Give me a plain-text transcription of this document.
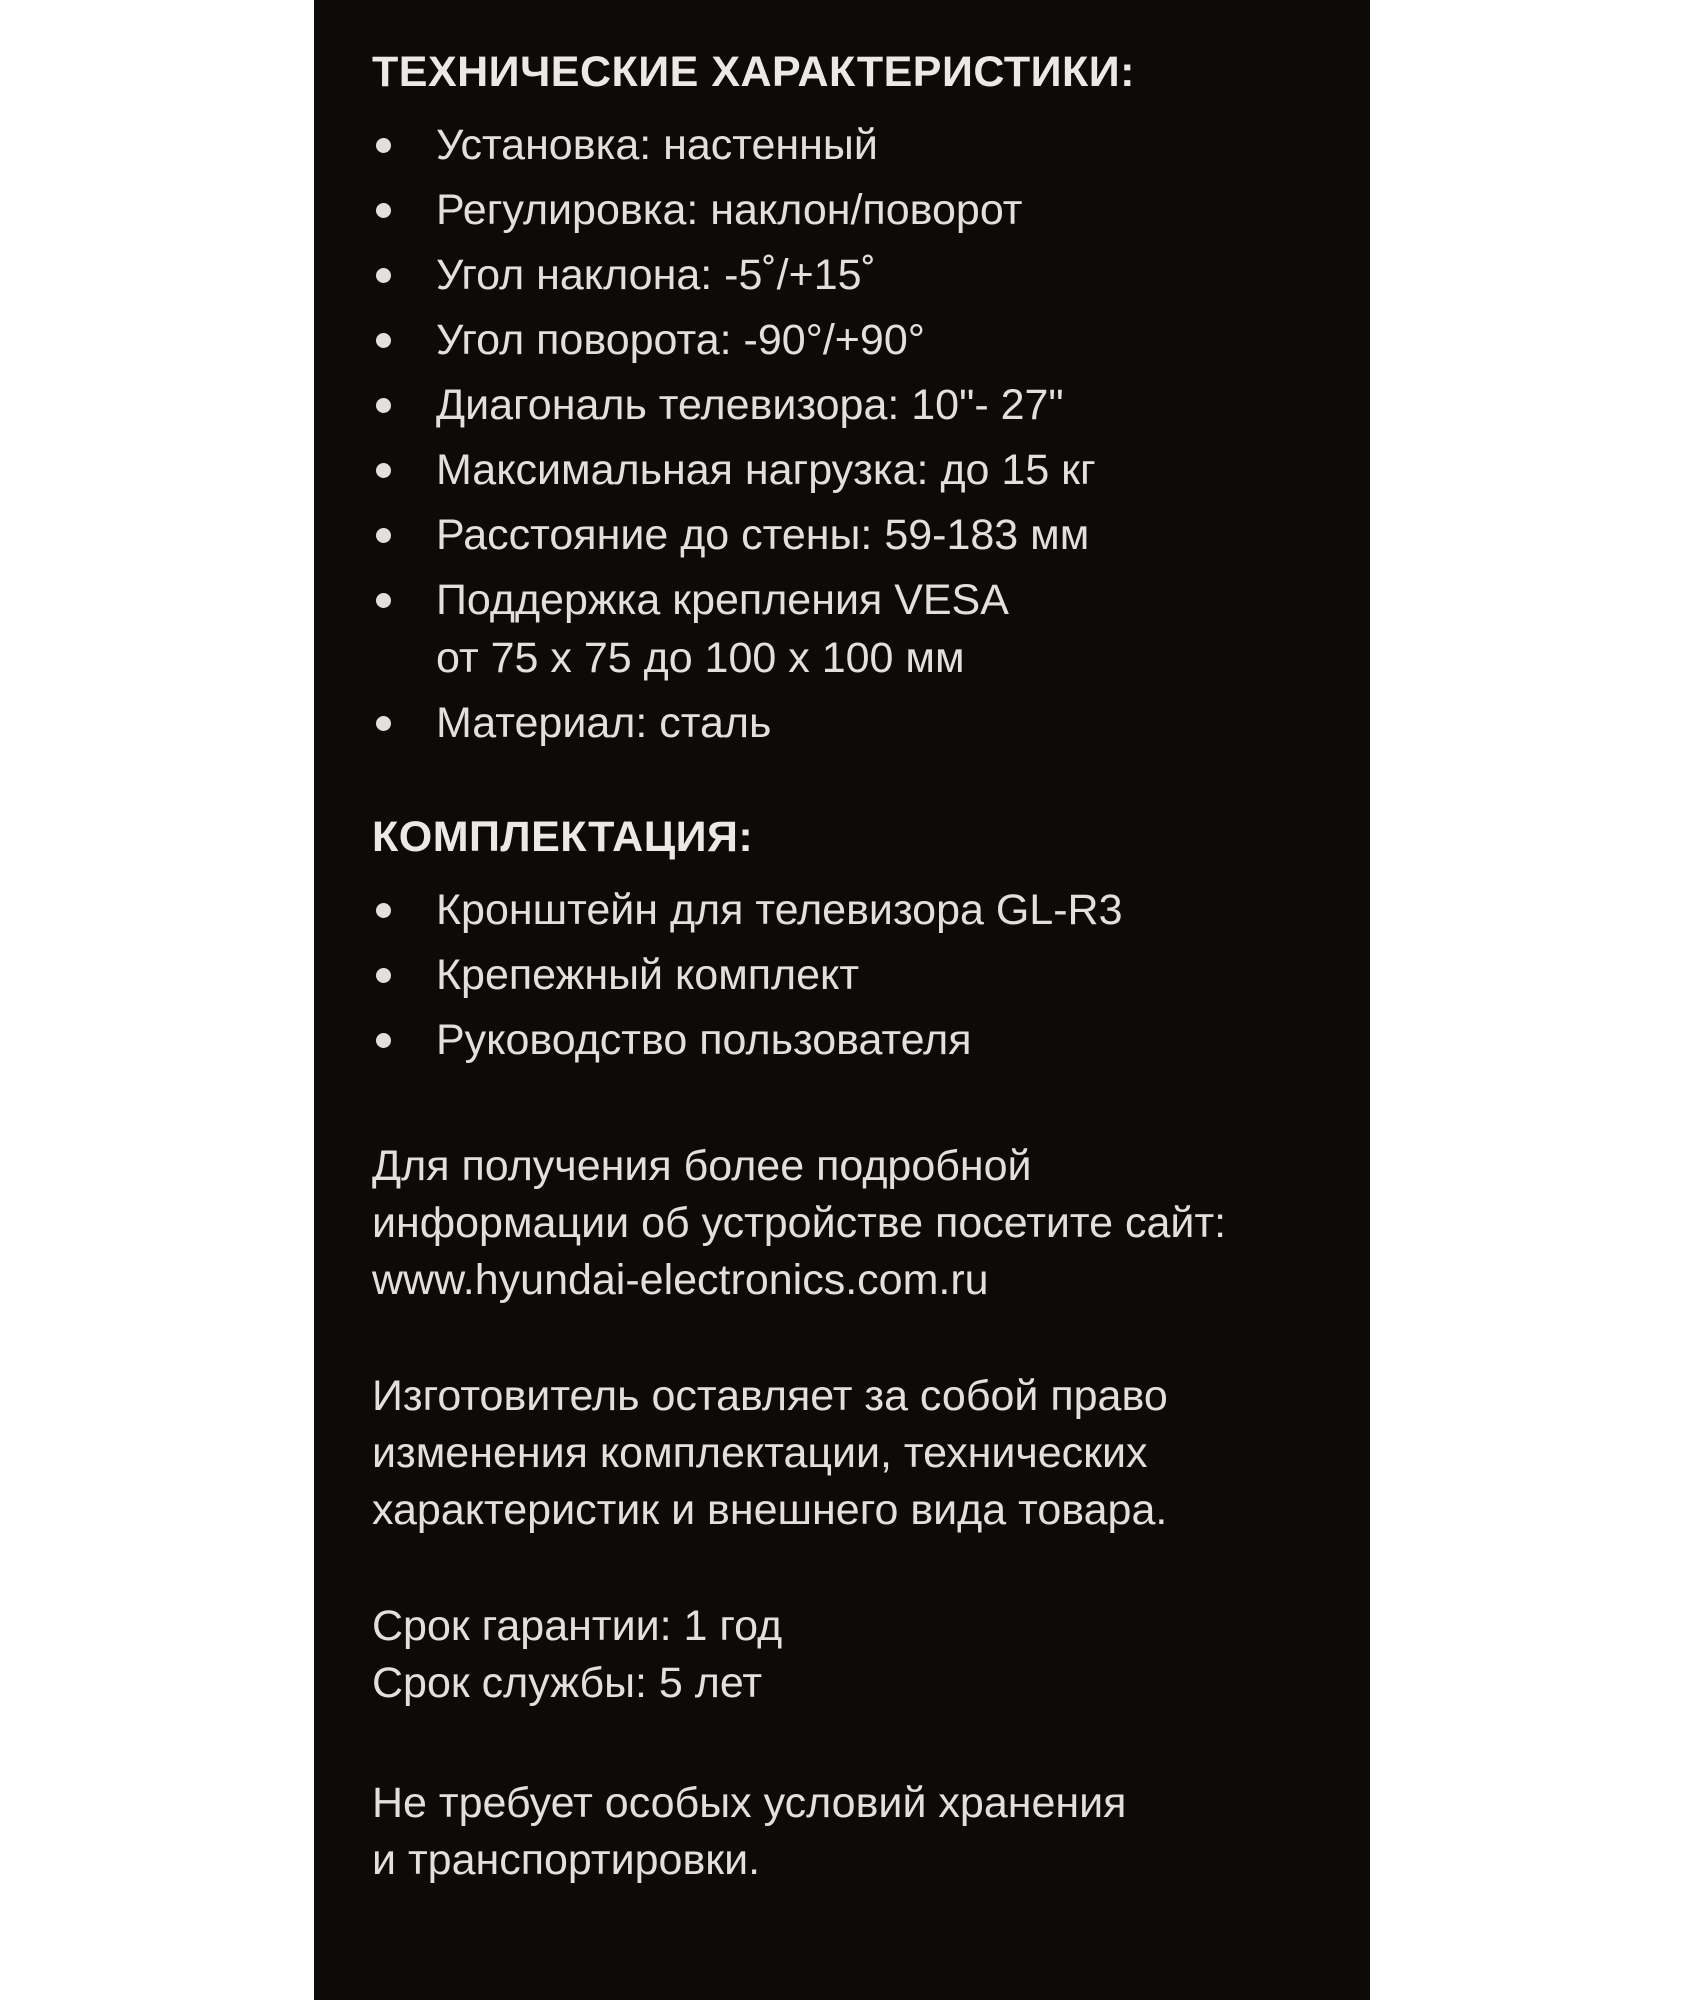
ТЕХНИЧЕСКИЕ ХАРАКТЕРИСТИКИ:
Установка: настенный
Регулировка: наклон/поворот
Угол наклона: -5˚/+15˚
Угол поворота: -90°/+90°
Диагональ телевизора: 10"- 27"
Максимальная нагрузка: до 15 кг
Расстояние до стены: 59-183 мм
Поддержка крепления VESA
от 75 х 75 до 100 х 100 мм
Материал: сталь
КОМПЛЕКТАЦИЯ:
Кронштейн для телевизора GL-R3
Крепежный комплект
Руководство пользователя

Для получения более подробной
информации об устройстве посетите сайт:
www.hyundai-electronics.com.ru

Изготовитель оставляет за собой право
изменения комплектации, технических
характеристик и внешнего вида товара.

Срок гарантии: 1 год
Срок службы: 5 лет

Не требует особых условий хранения
и транспортировки.
